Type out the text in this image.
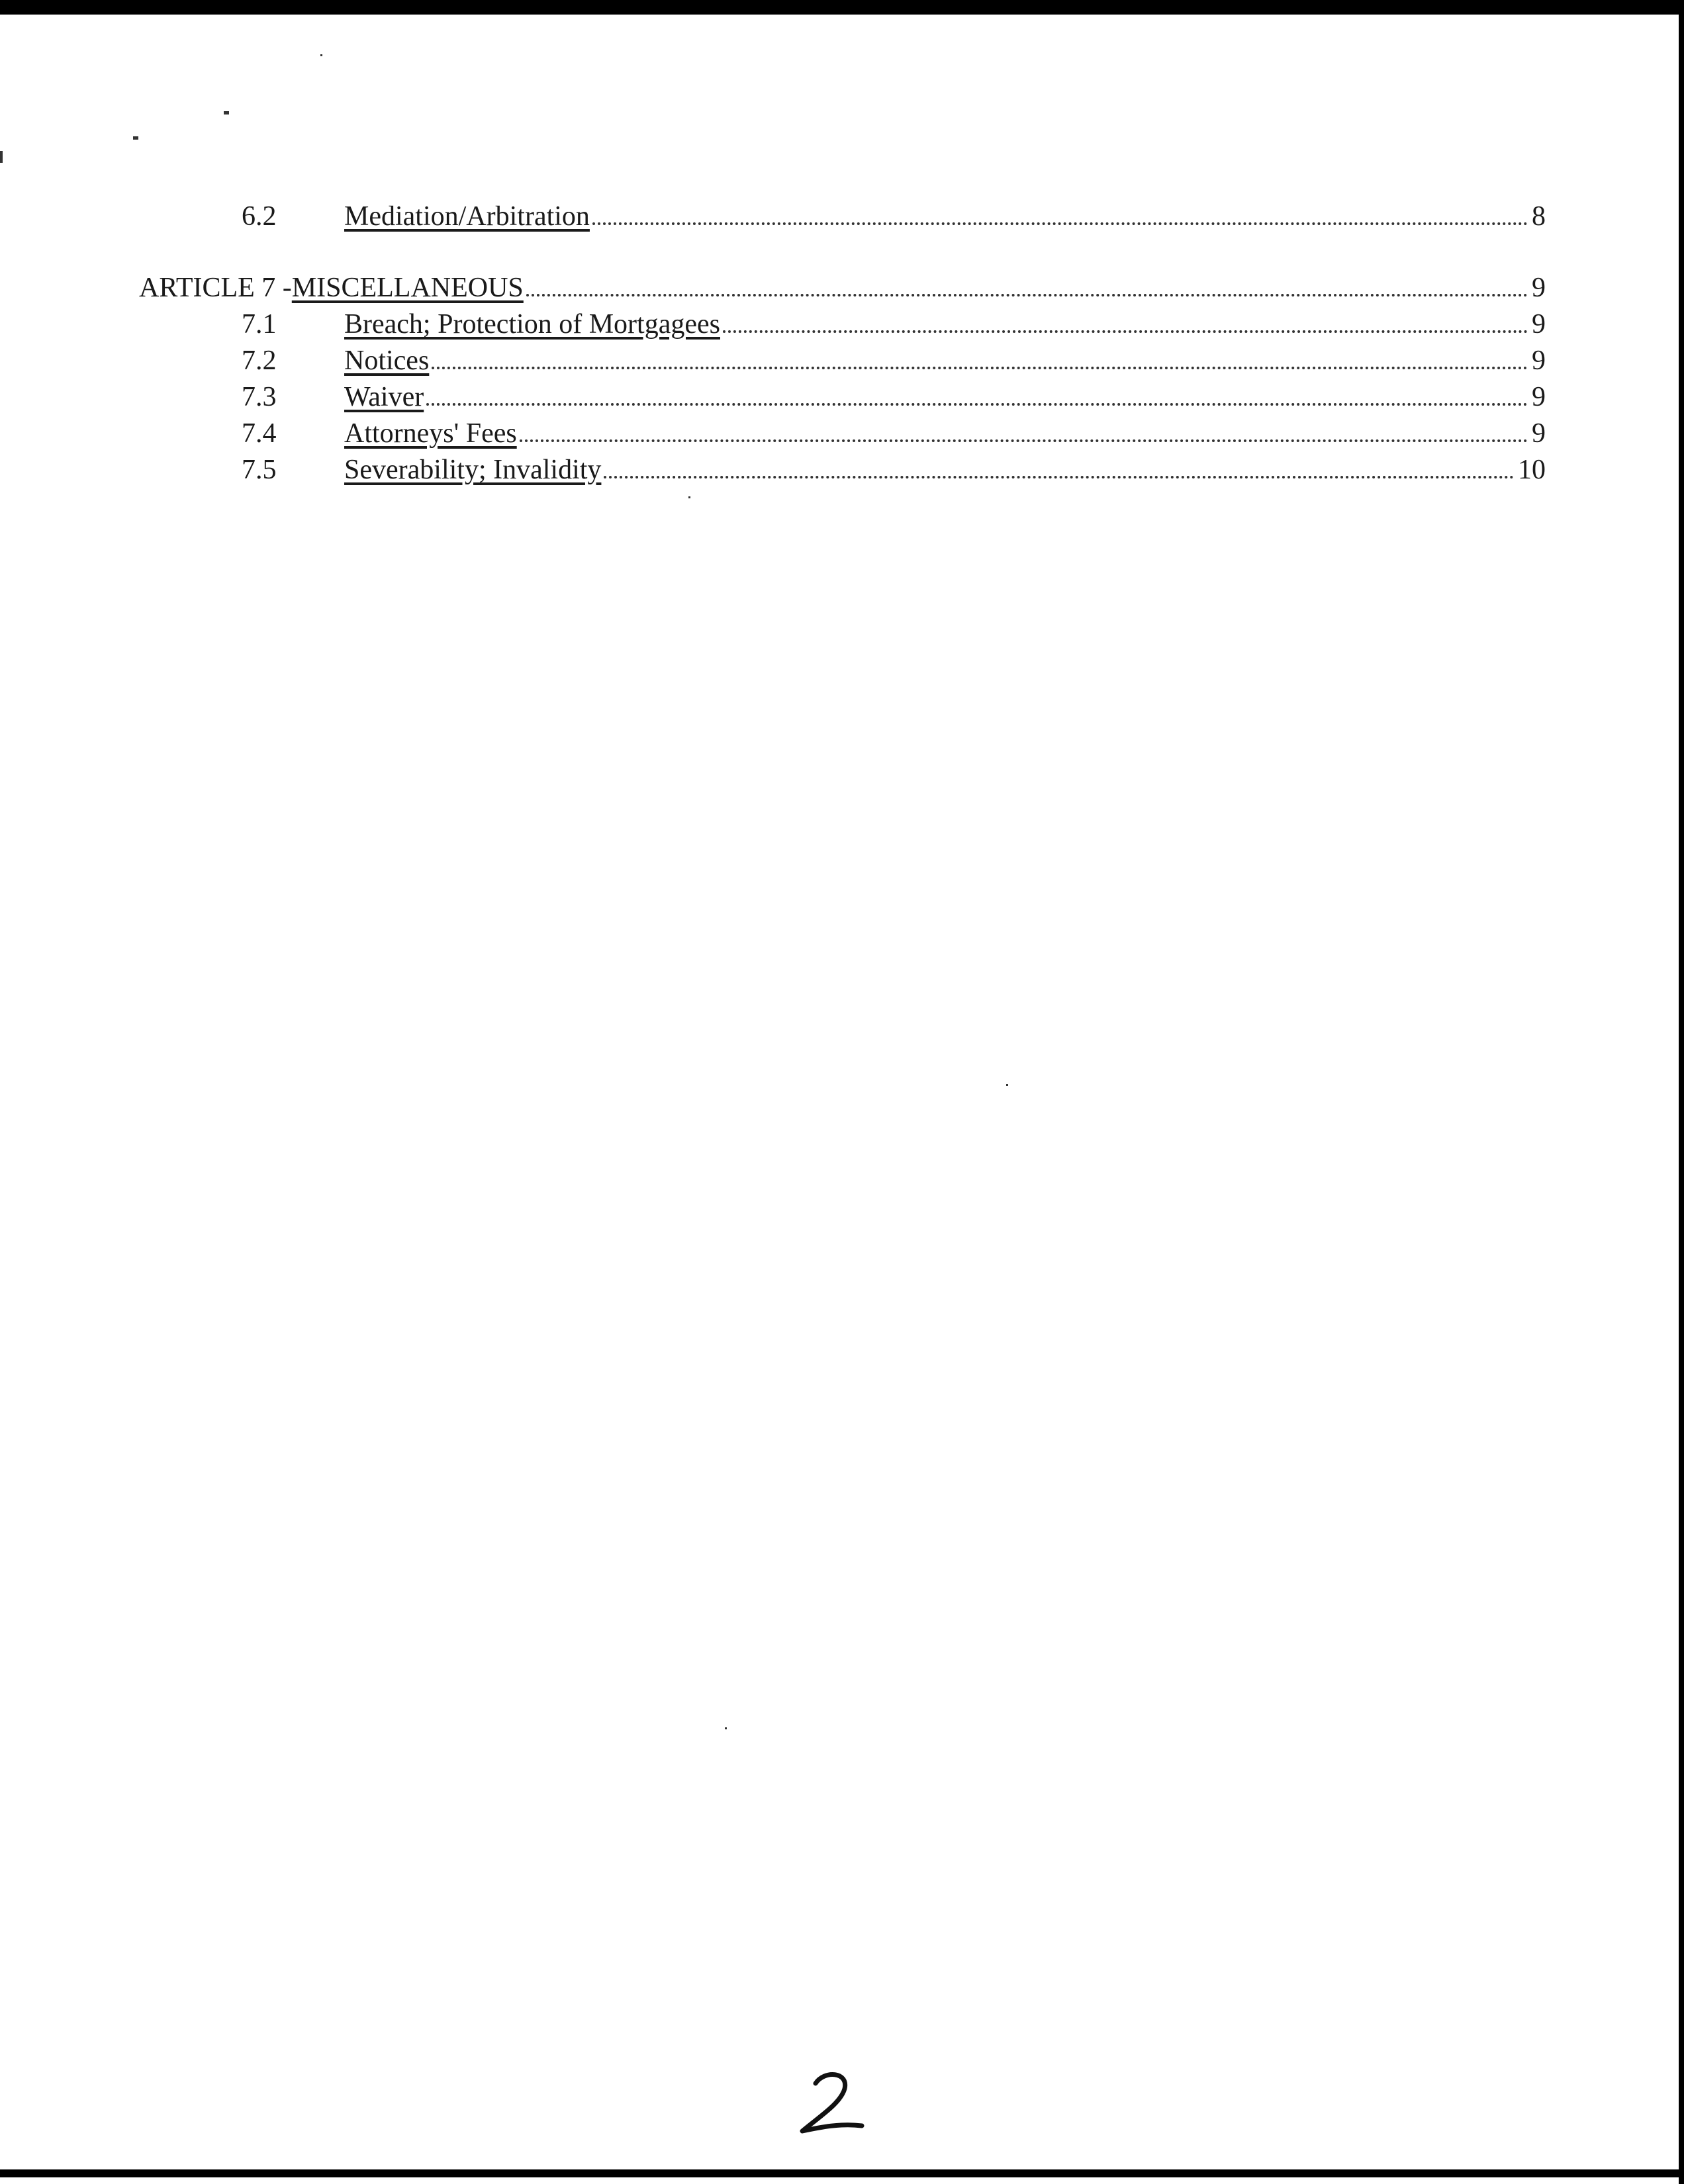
6.2	Mediation/Arbitration	8
ARTICLE 7 - MISCELLANEOUS	9
7.1	Breach; Protection of Mortgagees	9
7.2	Notices	9
7.3	Waiver	9
7.4	Attorneys' Fees	9
7.5	Severability; Invalidity	10
